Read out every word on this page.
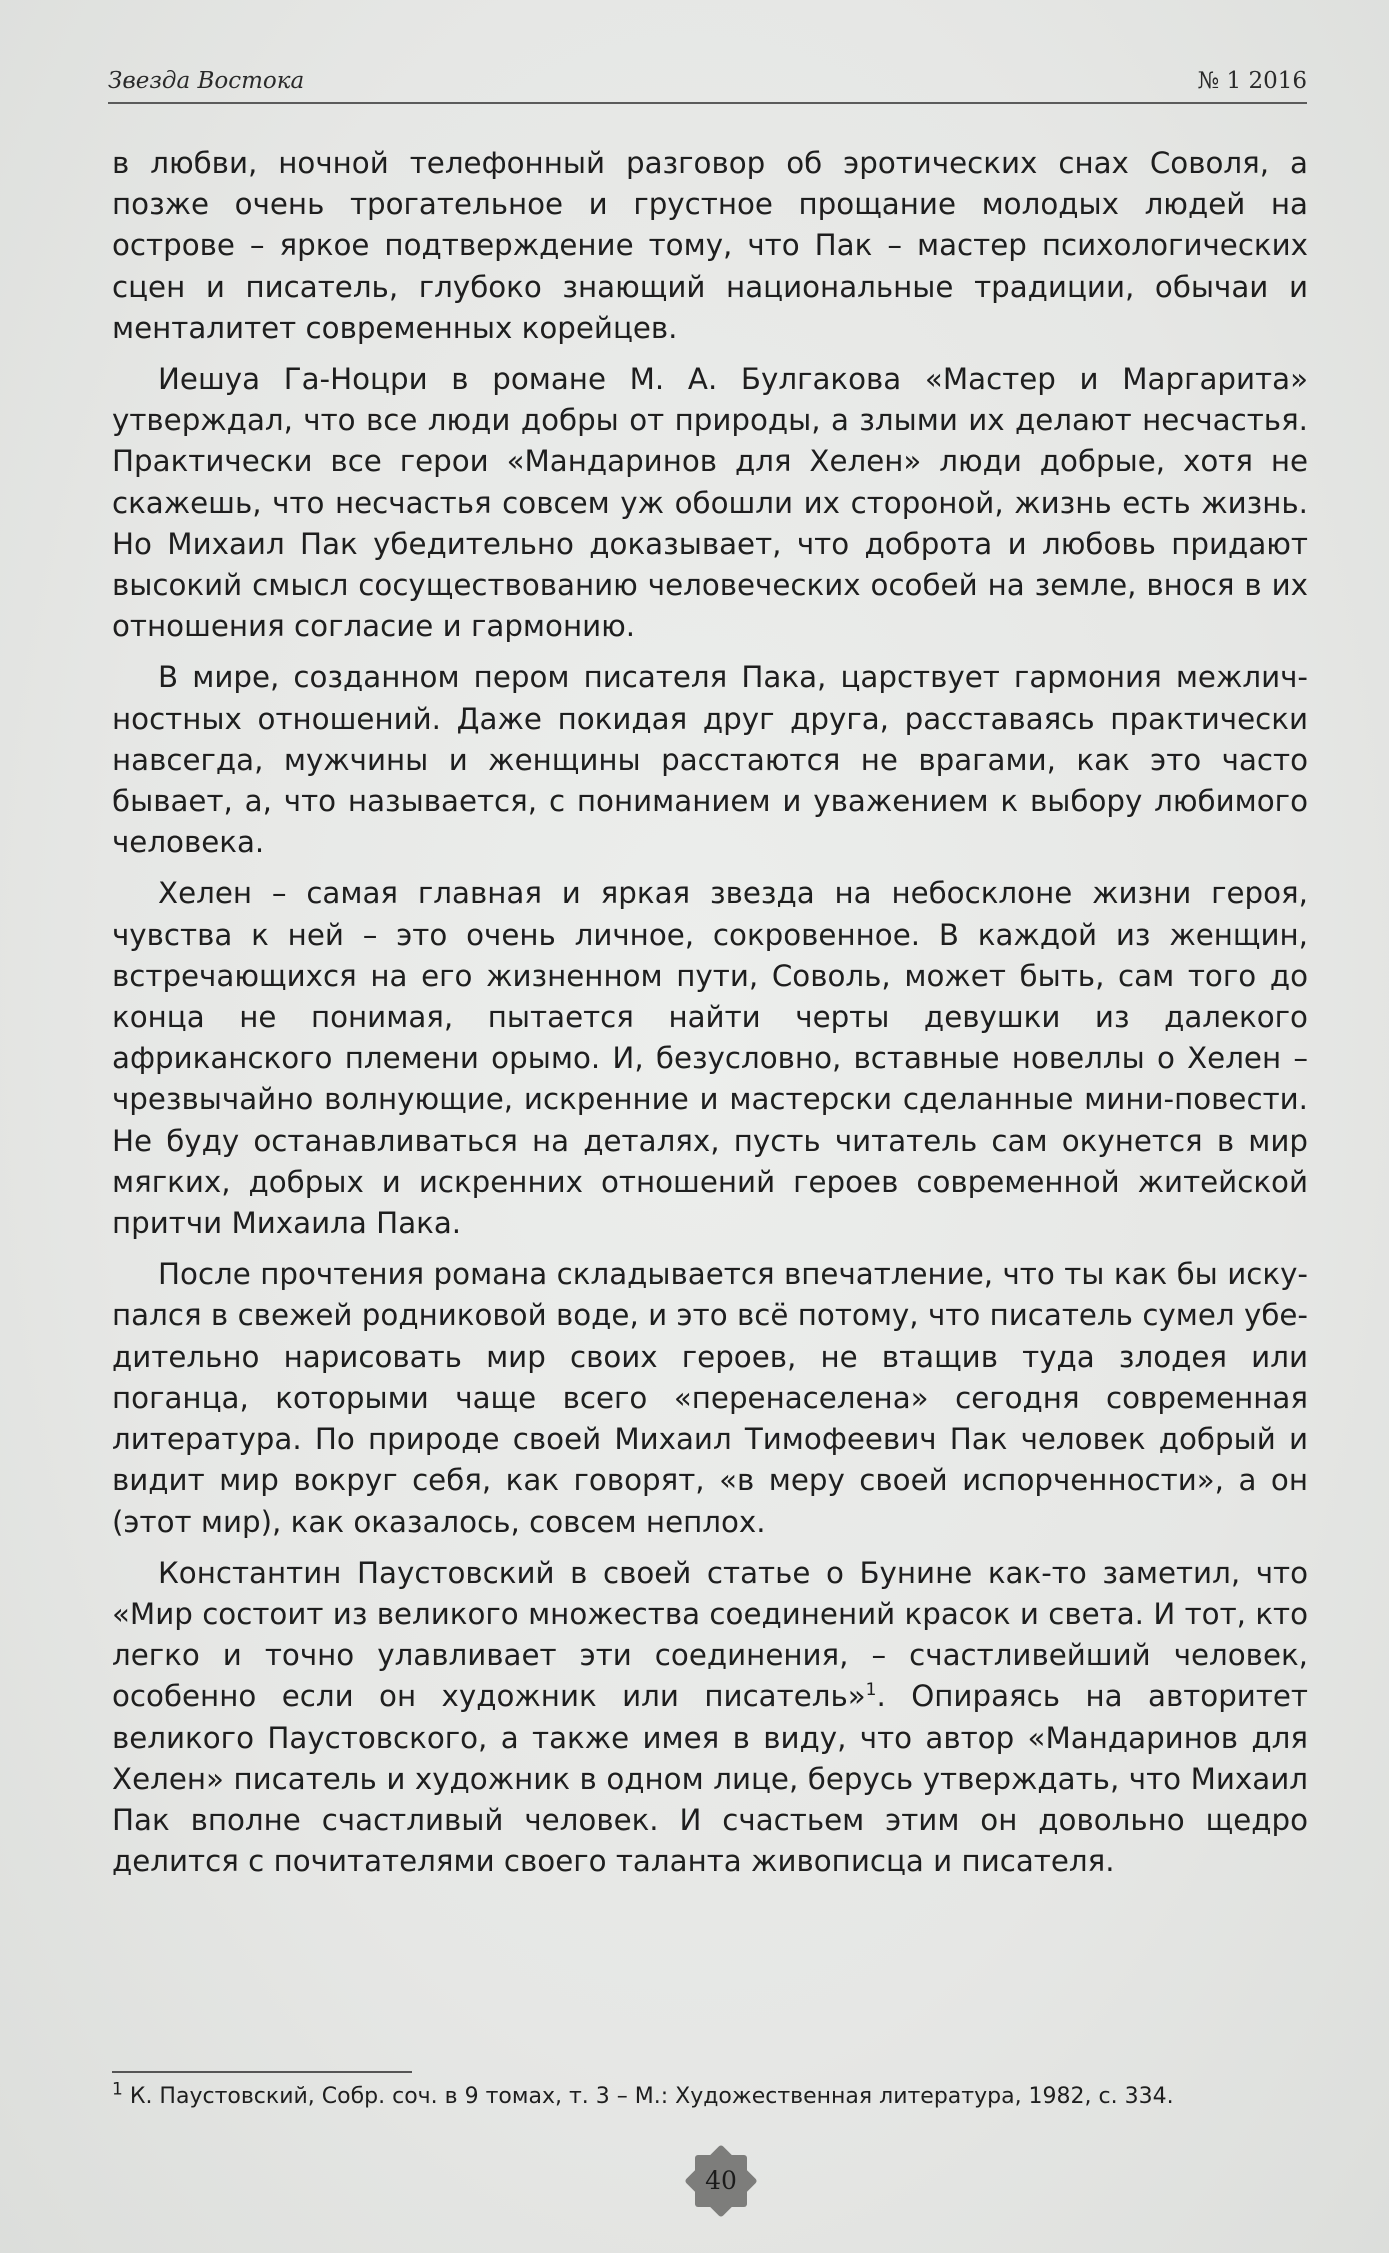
Звезда Востока	№ 1 2016

в любви, ночной телефонный разговор об эротических снах Соволя, а позже очень трогательное и грустное прощание молодых людей на острове – яркое подтверждение тому, что Пак – мастер психологических сцен и писатель, глубоко знающий национальные традиции, обычаи и менталитет современных корейцев.

Иешуа Га-Ноцри в романе М. А. Булгакова «Мастер и Маргарита» утверждал, что все люди добры от природы, а злыми их делают несчастья. Практически все герои «Мандаринов для Хелен» люди добрые, хотя не скажешь, что несчастья совсем уж обошли их стороной, жизнь есть жизнь. Но Михаил Пак убедительно доказывает, что доброта и любовь придают высокий смысл сосуществованию человеческих особей на земле, внося в их отношения согласие и гармонию.

В мире, созданном пером писателя Пака, царствует гармония межличностных отношений. Даже покидая друг друга, расставаясь практически навсегда, мужчины и женщины расстаются не врагами, как это часто бывает, а, что называется, с пониманием и уважением к выбору любимого человека.

Хелен – самая главная и яркая звезда на небосклоне жизни героя, чувства к ней – это очень личное, сокровенное. В каждой из женщин, встречающихся на его жизненном пути, Соволь, может быть, сам того до конца не понимая, пытается найти черты девушки из далекого африканского племени орымо. И, безусловно, вставные новеллы о Хелен – чрезвычайно волнующие, искренние и мастерски сделанные мини-повести. Не буду останавливаться на деталях, пусть читатель сам окунется в мир мягких, добрых и искренних отношений героев современной житейской притчи Михаила Пака.

После прочтения романа складывается впечатление, что ты как бы искупался в свежей родниковой воде, и это всё потому, что писатель сумел убедительно нарисовать мир своих героев, не втащив туда злодея или поганца, которыми чаще всего «перенаселена» сегодня современная литература. По природе своей Михаил Тимофеевич Пак человек добрый и видит мир вокруг себя, как говорят, «в меру своей испорченности», а он (этот мир), как оказалось, совсем неплох.

Константин Паустовский в своей статье о Бунине как-то заметил, что «Мир состоит из великого множества соединений красок и света. И тот, кто легко и точно улавливает эти соединения, – счастливейший человек, особенно если он художник или писатель»$^1$. Опираясь на авторитет великого Паустовского, а также имея в виду, что автор «Мандаринов для Хелен» писатель и художник в одном лице, берусь утверждать, что Михаил Пак вполне счастливый человек. И счастьем этим он довольно щедро делится с почитателями своего таланта живописца и писателя.

$^1$ К. Паустовский, Собр. соч. в 9 томах, т. 3 – М.: Художественная литература, 1982, с. 334.
40
